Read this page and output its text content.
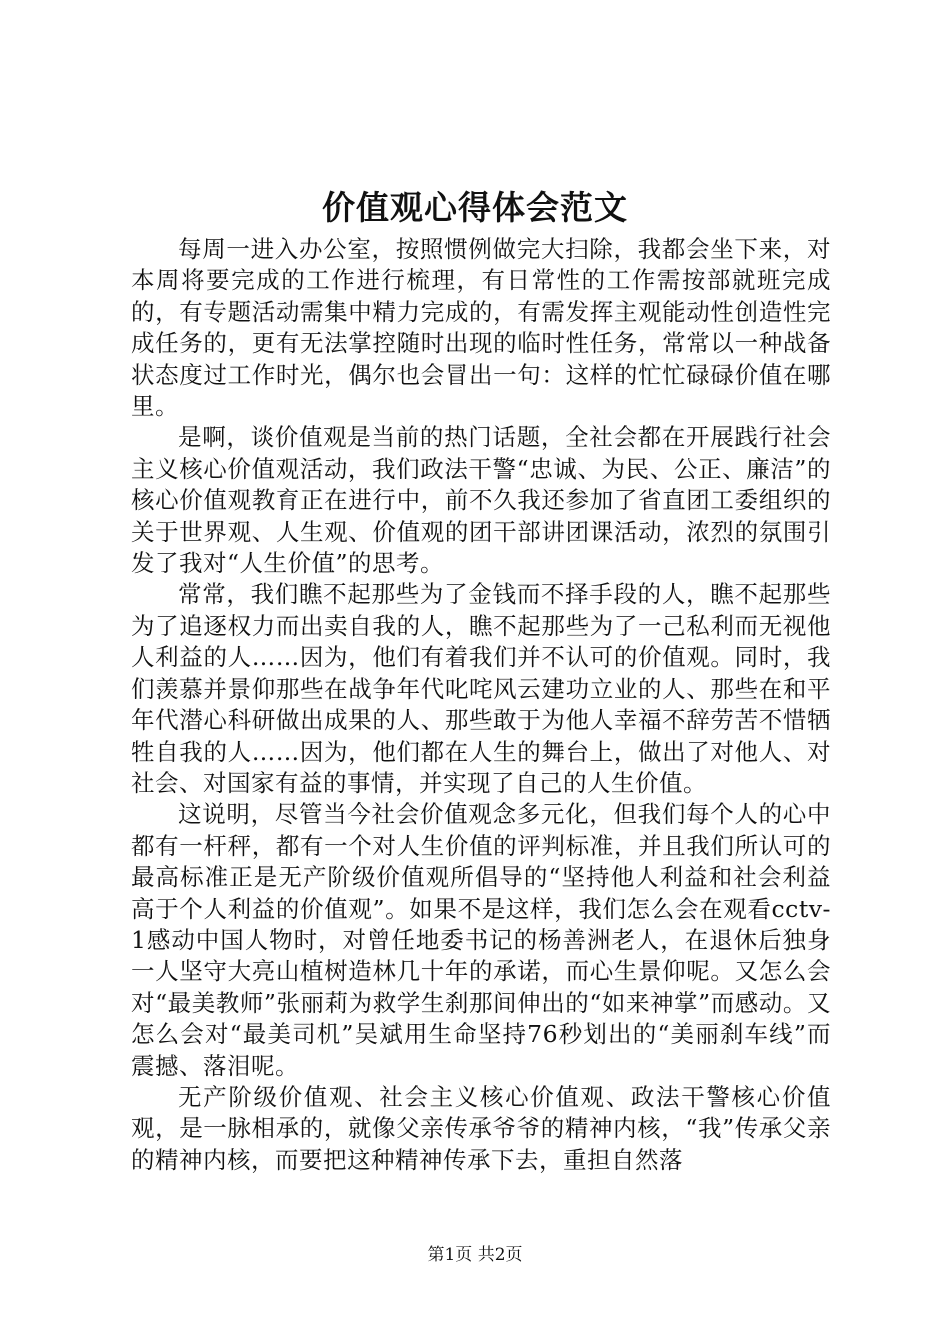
价值观心得体会范文

每周一进入办公室，按照惯例做完大扫除，我都会坐下来，对本周将要完成的工作进行梳理，有日常性的工作需按部就班完成的，有专题活动需集中精力完成的，有需发挥主观能动性创造性完成任务的，更有无法掌控随时出现的临时性任务，常常以一种战备状态度过工作时光，偶尔也会冒出一句：这样的忙忙碌碌价值在哪里。

是啊，谈价值观是当前的热门话题，全社会都在开展践行社会主义核心价值观活动，我们政法干警“忠诚、为民、公正、廉洁”的核心价值观教育正在进行中，前不久我还参加了省直团工委组织的关于世界观、人生观、价值观的团干部讲团课活动，浓烈的氛围引发了我对“人生价值”的思考。

常常，我们瞧不起那些为了金钱而不择手段的人，瞧不起那些为了追逐权力而出卖自我的人，瞧不起那些为了一己私利而无视他人利益的人……因为，他们有着我们并不认可的价值观。同时，我们羡慕并景仰那些在战争年代叱咤风云建功立业的人、那些在和平年代潜心科研做出成果的人、那些敢于为他人幸福不辞劳苦不惜牺牲自我的人……因为，他们都在人生的舞台上，做出了对他人、对社会、对国家有益的事情，并实现了自己的人生价值。

这说明，尽管当今社会价值观念多元化，但我们每个人的心中都有一杆秤，都有一个对人生价值的评判标准，并且我们所认可的最高标准正是无产阶级价值观所倡导的“坚持他人利益和社会利益高于个人利益的价值观”。如果不是这样，我们怎么会在观看cctv-1感动中国人物时，对曾任地委书记的杨善洲老人，在退休后独身一人坚守大亮山植树造林几十年的承诺，而心生景仰呢。又怎么会对“最美教师”张丽莉为救学生刹那间伸出的“如来神掌”而感动。又怎么会对“最美司机”吴斌用生命坚持76秒划出的“美丽刹车线”而震撼、落泪呢。

无产阶级价值观、社会主义核心价值观、政法干警核心价值观，是一脉相承的，就像父亲传承爷爷的精神内核，“我”传承父亲的精神内核，而要把这种精神传承下去，重担自然落

第1页 共2页
